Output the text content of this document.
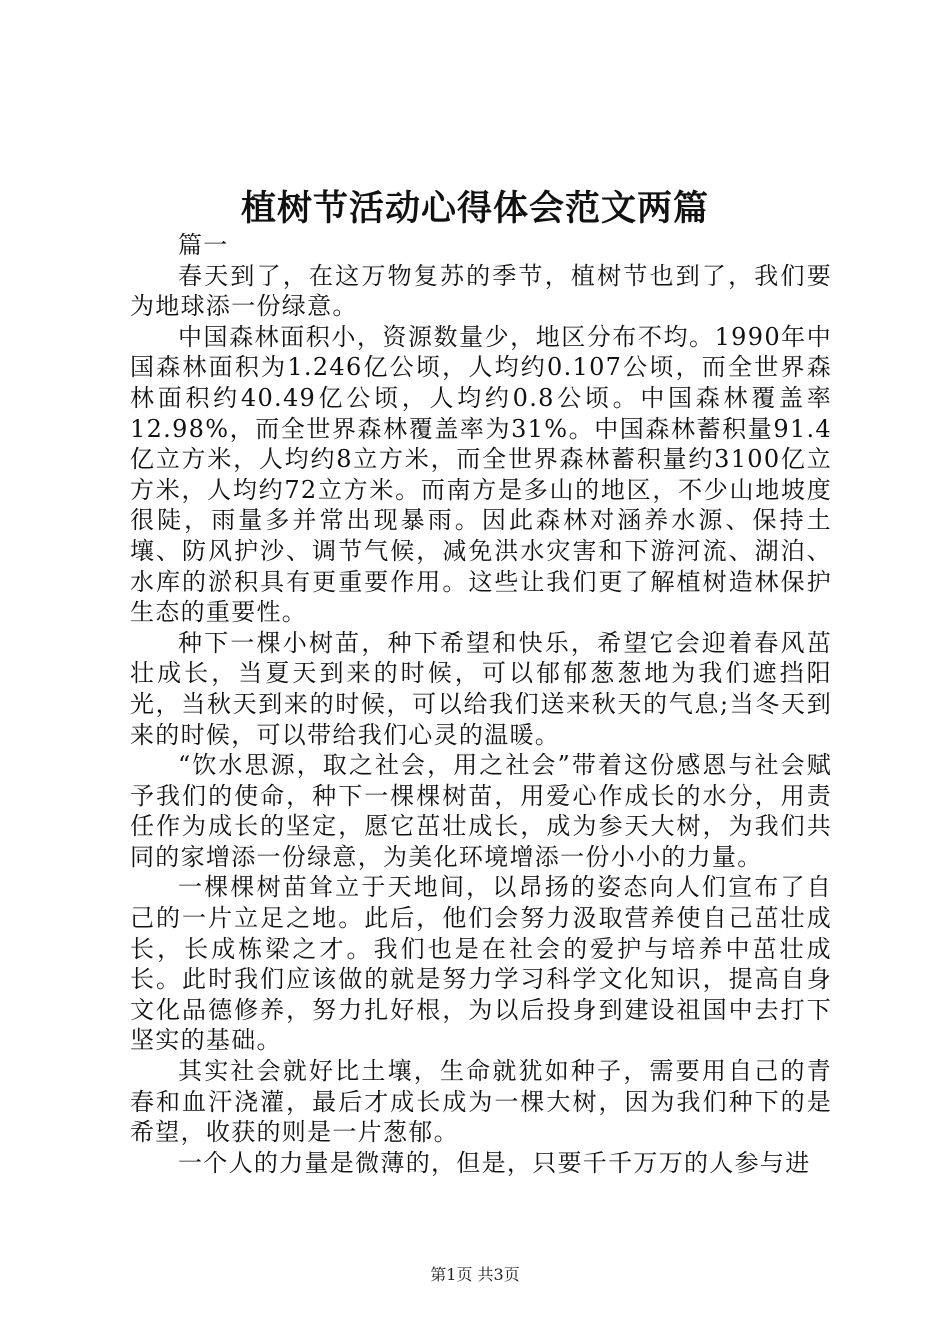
植树节活动心得体会范文两篇

篇一

春天到了，在这万物复苏的季节，植树节也到了，我们要为地球添一份绿意。

中国森林面积小，资源数量少，地区分布不均。1990年中国森林面积为1.246亿公顷，人均约0.107公顷，而全世界森林面积约40.49亿公顷，人均约0.8公顷。中国森林覆盖率12.98%，而全世界森林覆盖率为31%。中国森林蓄积量91.4亿立方米，人均约8立方米，而全世界森林蓄积量约3100亿立方米，人均约72立方米。而南方是多山的地区，不少山地坡度很陡，雨量多并常出现暴雨。因此森林对涵养水源、保持土壤、防风护沙、调节气候，减免洪水灾害和下游河流、湖泊、水库的淤积具有更重要作用。这些让我们更了解植树造林保护生态的重要性。

种下一棵小树苗，种下希望和快乐，希望它会迎着春风茁壮成长，当夏天到来的时候，可以郁郁葱葱地为我们遮挡阳光，当秋天到来的时候，可以给我们送来秋天的气息;当冬天到来的时候，可以带给我们心灵的温暖。

“饮水思源，取之社会，用之社会”带着这份感恩与社会赋予我们的使命，种下一棵棵树苗，用爱心作成长的水分，用责任作为成长的坚定，愿它茁壮成长，成为参天大树，为我们共同的家增添一份绿意，为美化环境增添一份小小的力量。

一棵棵树苗耸立于天地间，以昂扬的姿态向人们宣布了自己的一片立足之地。此后，他们会努力汲取营养使自己茁壮成长，长成栋梁之才。我们也是在社会的爱护与培养中茁壮成长。此时我们应该做的就是努力学习科学文化知识，提高自身文化品德修养，努力扎好根，为以后投身到建设祖国中去打下坚实的基础。

其实社会就好比土壤，生命就犹如种子，需要用自己的青春和血汗浇灌，最后才成长成为一棵大树，因为我们种下的是希望，收获的则是一片葱郁。

一个人的力量是微薄的，但是，只要千千万万的人参与进

第1页 共3页
